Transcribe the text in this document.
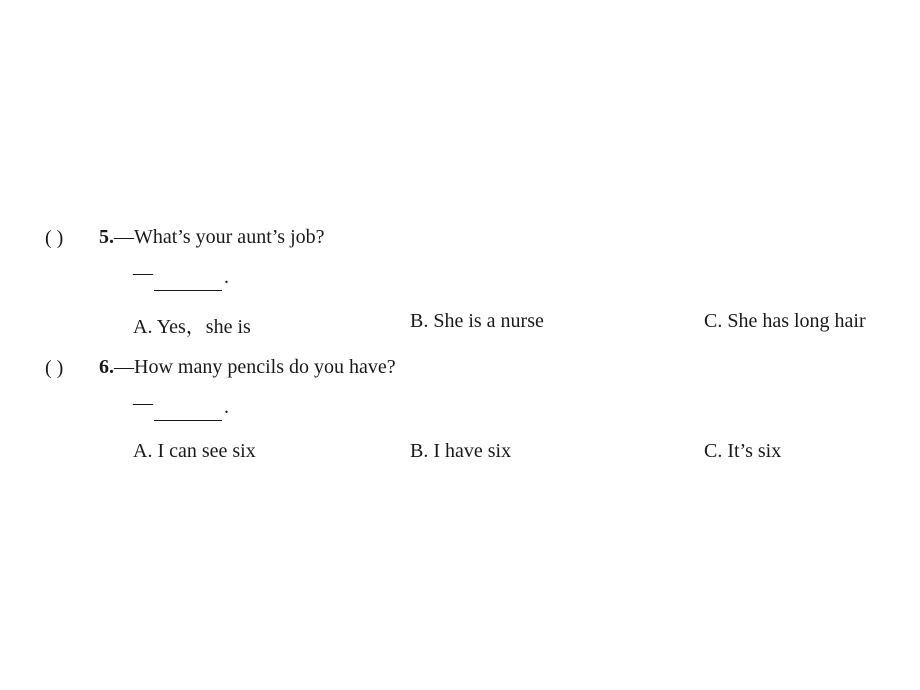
( ) 5.—What’s your aunt’s job?
—	.
A. Yes，she is	B. She is a nurse	C. She has long hair
( ) 6.—How many pencils do you have?
—	.
A. I can see six	B. I have six	C. It’s six
